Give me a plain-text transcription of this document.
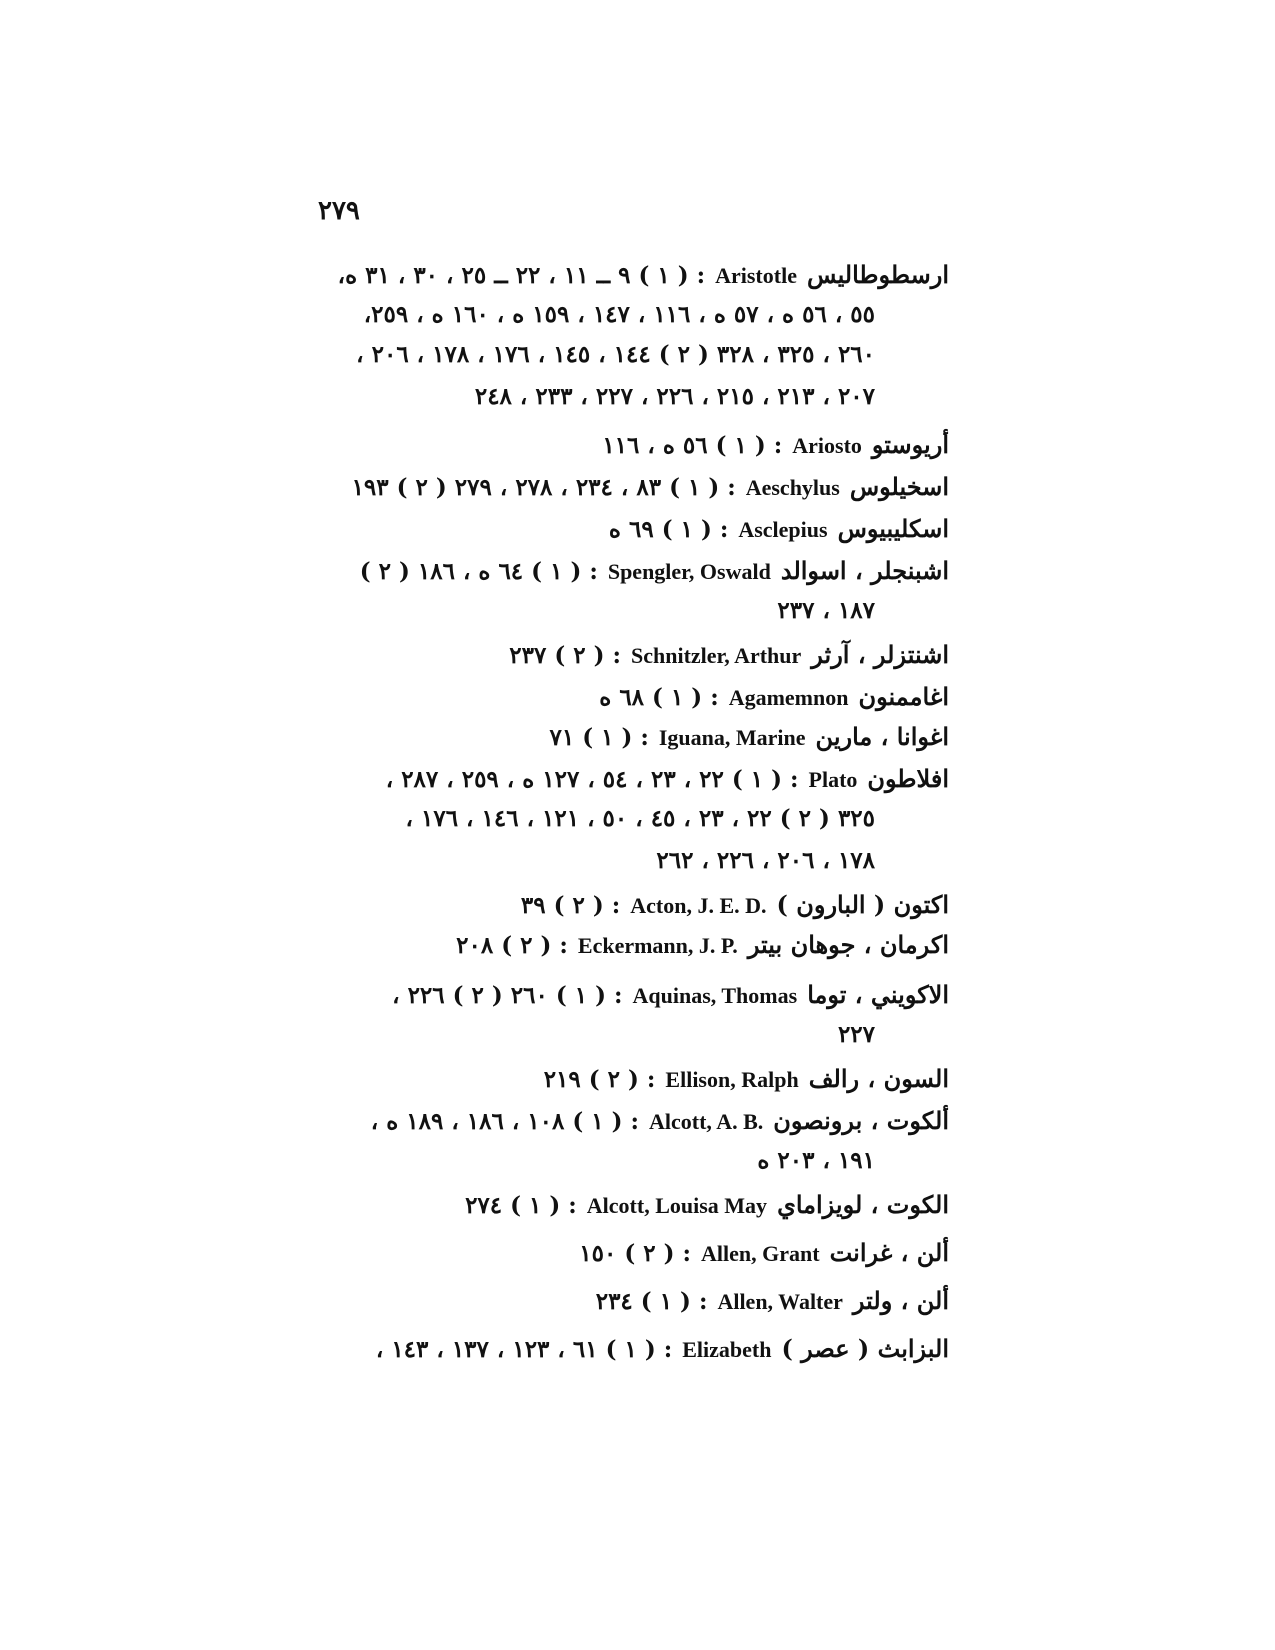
٢٧٩
ارسطوطاليسAristotle: ( ١ ) ٩ ــ ١١ ، ٢٢ ــ ٢٥ ، ٣٠ ، ٣١ ه،
٥٥ ، ٥٦ ه ، ٥٧ ه ، ١١٦ ، ١٤٧ ، ١٥٩ ه ، ١٦٠ ه ، ٢٥٩،
٢٦٠ ، ٣٢٥ ، ٣٢٨ ( ٢ ) ١٤٤ ، ١٤٥ ، ١٧٦ ، ١٧٨ ، ٢٠٦ ،
٢٠٧ ، ٢١٣ ، ٢١٥ ، ٢٢٦ ، ٢٢٧ ، ٢٣٣ ، ٢٤٨
أريوستوAriosto: ( ١ ) ٥٦ ه ، ١١٦
اسخيلوسAeschylus: ( ١ ) ٨٣ ، ٢٣٤ ، ٢٧٨ ، ٢٧٩ ( ٢ ) ١٩٣
اسكليبيوسAsclepius: ( ١ ) ٦٩ ه
اشبنجلر ، اسوالدSpengler, Oswald: ( ١ ) ٦٤ ه ، ١٨٦ ( ٢ )
١٨٧ ، ٢٣٧
اشنتزلر ، آرثرSchnitzler, Arthur: ( ٢ ) ٢٣٧
اغاممنونAgamemnon: ( ١ ) ٦٨ ه
اغوانا ، مارينIguana, Marine: ( ١ ) ٧١
افلاطونPlato: ( ١ ) ٢٢ ، ٢٣ ، ٥٤ ، ١٢٧ ه ، ٢٥٩ ، ٢٨٧ ،
٣٢٥ ( ٢ ) ٢٢ ، ٢٣ ، ٤٥ ، ٥٠ ، ١٢١ ، ١٤٦ ، ١٧٦ ،
١٧٨ ، ٢٠٦ ، ٢٢٦ ، ٢٦٢
اكتون ( البارون )Acton, J. E. D.: ( ٢ ) ٣٩
اكرمان ، جوهان بيترEckermann, J. P.: ( ٢ ) ٢٠٨
الاكويني ، توماAquinas, Thomas: ( ١ ) ٢٦٠ ( ٢ ) ٢٢٦ ،
٢٢٧
السون ، رالفEllison, Ralph: ( ٢ ) ٢١٩
ألكوت ، برونصونAlcott, A. B.: ( ١ ) ١٠٨ ، ١٨٦ ، ١٨٩ ه ،
١٩١ ، ٢٠٣ ه
الكوت ، لويزامايAlcott, Louisa May: ( ١ ) ٢٧٤
ألن ، غرانتAllen, Grant: ( ٢ ) ١٥٠
ألن ، ولترAllen, Walter: ( ١ ) ٢٣٤
البزابث ( عصر )Elizabeth: ( ١ ) ٦١ ، ١٢٣ ، ١٣٧ ، ١٤٣ ،
